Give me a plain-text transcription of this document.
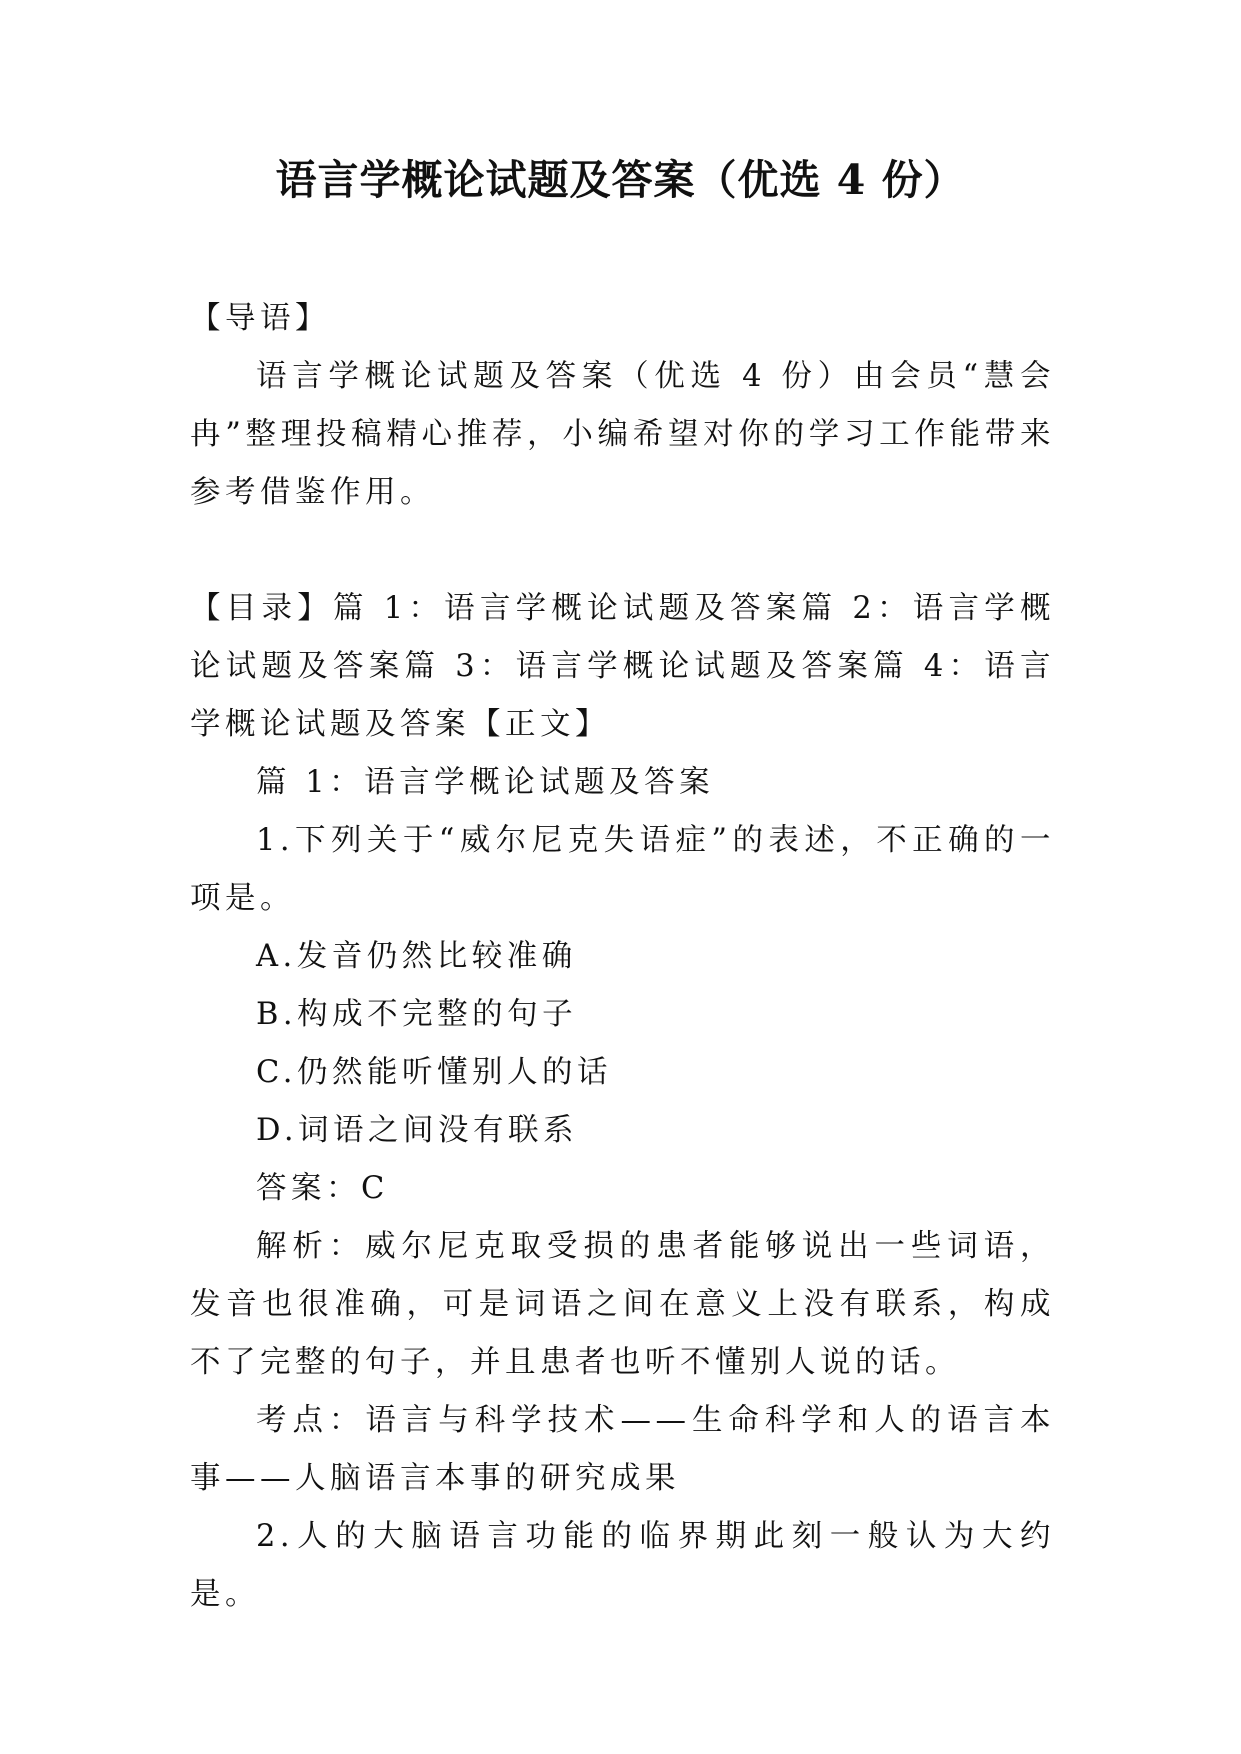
语言学概论试题及答案（优选 4 份）

【导语】

语言学概论试题及答案（优选 4 份）由会员“慧会冉”整理投稿精心推荐，小编希望对你的学习工作能带来参考借鉴作用。

【目录】篇 1：语言学概论试题及答案篇 2：语言学概论试题及答案篇 3：语言学概论试题及答案篇 4：语言学概论试题及答案【正文】

篇 1：语言学概论试题及答案

1.下列关于“威尔尼克失语症”的表述，不正确的一项是。

A.发音仍然比较准确

B.构成不完整的句子

C.仍然能听懂别人的话

D.词语之间没有联系

答案：C

解析：威尔尼克取受损的患者能够说出一些词语，发音也很准确，可是词语之间在意义上没有联系，构成不了完整的句子，并且患者也听不懂别人说的话。

考点：语言与科学技术——生命科学和人的语言本事——人脑语言本事的研究成果

2.人的大脑语言功能的临界期此刻一般认为大约是。
